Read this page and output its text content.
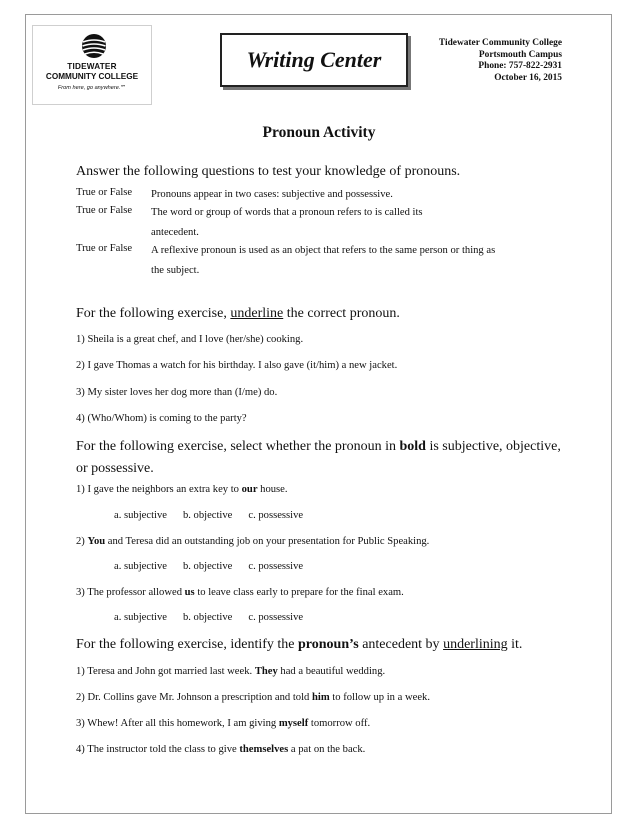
TIDEWATER
COMMUNITY COLLEGE
From here, go anywhere.℠
Writing Center
Tidewater Community College
Portsmouth Campus
Phone: 757-822-2931
October 16, 2015
Pronoun Activity
Answer the following questions to test your knowledge of pronouns.
True or False	Pronouns appear in two cases: subjective and possessive.
True or False	The word or group of words that a pronoun refers to is called its antecedent.
True or False	A reflexive pronoun is used as an object that refers to the same person or thing as the subject.
For the following exercise, underline the correct pronoun.
1) Sheila is a great chef, and I love (her/she) cooking.
2) I gave Thomas a watch for his birthday. I also gave (it/him) a new jacket.
3) My sister loves her dog more than (I/me) do.
4) (Who/Whom) is coming to the party?
For the following exercise, select whether the pronoun in bold is subjective, objective, or possessive.
1) I gave the neighbors an extra key to our house.
a. subjective b. objective c. possessive
2) You and Teresa did an outstanding job on your presentation for Public Speaking.
a. subjective b. objective c. possessive
3) The professor allowed us to leave class early to prepare for the final exam.
a. subjective b. objective c. possessive
For the following exercise, identify the pronoun’s antecedent by underlining it.
1) Teresa and John got married last week. They had a beautiful wedding.
2) Dr. Collins gave Mr. Johnson a prescription and told him to follow up in a week.
3) Whew! After all this homework, I am giving myself tomorrow off.
4) The instructor told the class to give themselves a pat on the back.
